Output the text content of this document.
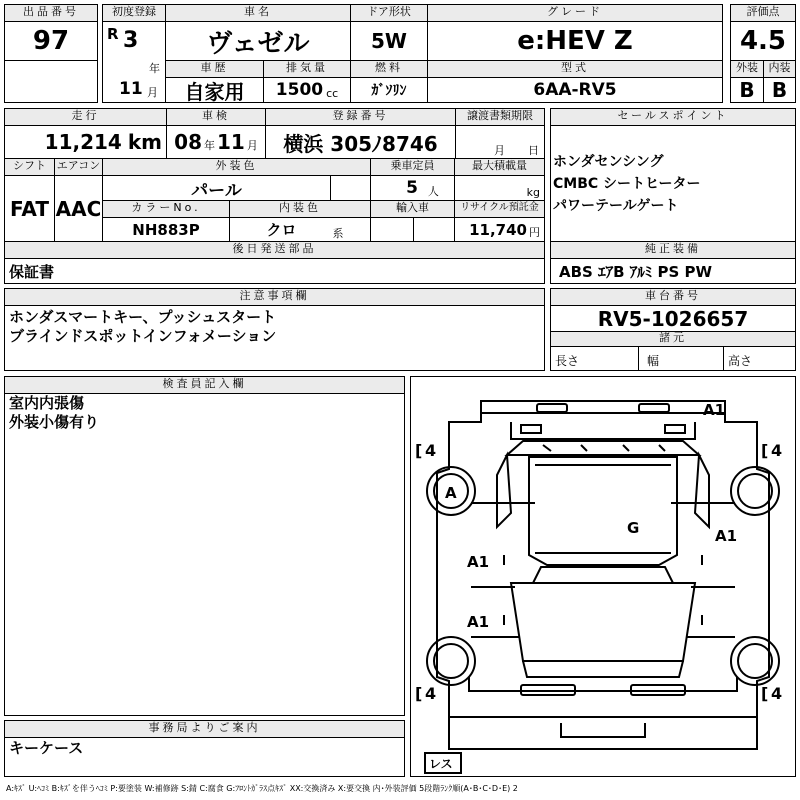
出品番号
97
初度登録
R 3
年
11 月
車名
ヴェゼル
ドア形状
5W
グレード
e:HEV Z
評価点
4.5
車歴
自家用
排気量
1500 cc
燃料
ｶﾞｿﾘﾝ
型式
6AA-RV5
外装
B
内装
B
走行
11,214 km
車検
08 年 11 月
登録番号
横浜 305ﾉ8746
譲渡書類期限
月 日
セールスポイント
ホンダセンシング
CMBC シートヒーター
パワーテールゲート
シフト
FAT
エアコン
AAC
外装色
パール
乗車定員
5 人
最大積載量
kg
カラーNo.
NH883P
内装色
クロ	系
輸入車	リサイクル預託金
11,740 円
後日発送部品
保証書
純正装備
ABS ｴｱB ｱﾙﾐ PS PW
注意事項欄
ホンダスマートキー、プッシュスタート
ブラインドスポットインフォメーション
車台番号
RV5-1026657
諸元
長さ	幅	高さ
検査員記入欄
室内内張傷
外装小傷有り
事務局よりご案内
キーケース
[ 4	[ 4
[ 4	[ 4
A1
A
G
A1
A1
A1
レス
A:ｷｽﾞ U:ﾍｺﾐ B:ｷｽﾞを伴うﾍｺﾐ P:要塗装 W:補修跡 S:錆 C:腐食 G:ﾌﾛﾝﾄｶﾞﾗｽ点ｷｽﾞ XX:交換済み X:要交換 内･外装評価 5段階ﾗﾝｸ順(A･B･C･D･E) 2
